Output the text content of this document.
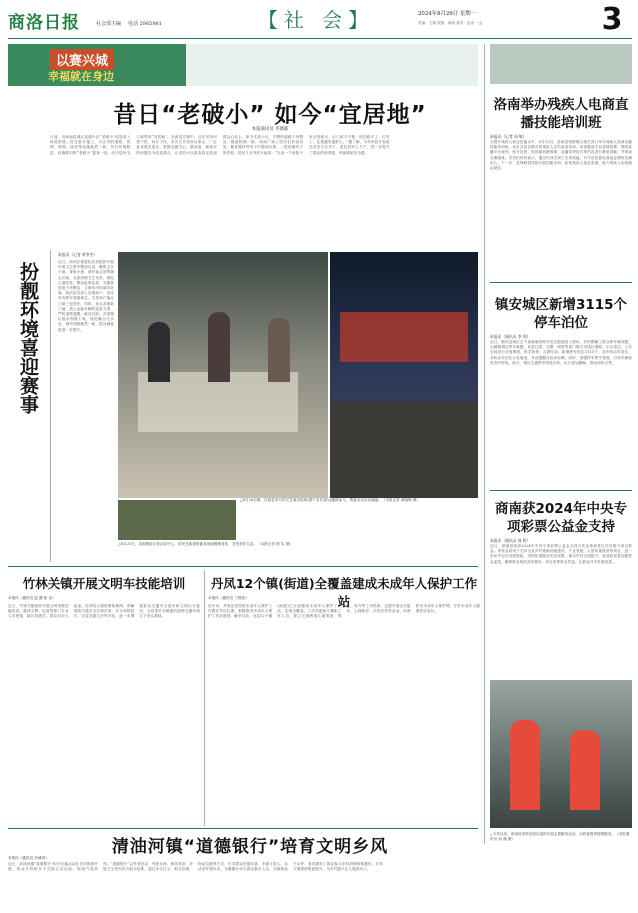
商洛日报	社会部主编 电话 2985981	【社 会】	2024年8月26日 星期一
责编：王薄 校版：韩晶 校对：赵来 一会	3
以赛兴城
幸福就在身边
昔日“老破小” 如今“宜居地”
本报通讯员 李薇郁
日前，市商南县城区蓝湖小区“老破小”改造进入收尾阶段。经过数月施工，小区内的道路、管网、照明、绿化等设施焕然一新，昔日环境脏乱、设施陈旧的“老破小”摇身一变，成为居民交口称赞的“宜居地”。在改造过程中，社区坚持问需于民、问计于民，多次召开居民议事会，广泛征求意见建议，把群众最关心、最直接、最现实的问题作为改造重点，让老旧小区改造真正改到群众心坎上。如今走进小区，平整的道路干净整洁，楼道粉刷一新，休闲广场上居民们有说有笑，健身器材旁孩子们嬉戏玩耍，一派和谐安宁的景象。居民王大爷高兴地说：“以前一下雨院子里全是积水，出门都不方便，现在路平了、灯亮了，住着越来越舒心。”据了解，今年该县计划改造老旧小区多个，惠及居民上千户，进一步提升了群众的获得感、幸福感和安全感。
扮靓环境喜迎赛事
本报讯（记者 黄李杰）
近日，商州区城管执法局组织开展环境卫生集中整治行动，聚焦主次干道、背街小巷、城乡接合部等重点区域，全面清理卫生死角，规范占道经营，整治乱堆乱放，为赛事营造干净整洁、文明有序的城市环境。执法队员深入沿街商户，宣传市容秩序管理规定，引导商户落实门前三包责任。同时，加大对建筑工地、渣土运输车辆的巡查力度，严防道路遗撒。截至目前，共清理垃圾杂物数十吨，规范摊点百余处，城市面貌焕然一新，群众满意度进一步提升。
△8月24日晚，在商县举行的文艺演出现场(摄于本月)群众踊跃参与，观看活动其乐融融。（本报记者 黄晓梅 摄）
△8月25日，清源街道文体活动中心，居民在新建的健身场地锻炼身体，享受美好生活。（本报记者 阿 实 摄）
洛南举办残疾人电商直播技能培训班
本报讯（记者 周 敏）
为提升残疾人职业技能水平，8月12日，洛南县残联联合相关部门举办残疾人电商直播技能培训班，来自全县各镇办的残疾人学员参加培训。培训邀请专业讲师授课，围绕直播平台规则、账号运营、短视频拍摄剪辑、直播带货技巧等内容进行系统讲解，并现场实操演练。学员们纷纷表示，通过培训学到了实用技能，对今后依靠电商创业增收充满信心。下一步，县残联将持续开展技能培训，拓宽残疾人就业渠道，助力残疾人实现稳定就业。
镇安城区新增3115个停车泊位
本报讯（通讯员 李 翔）
近日，镇安县城区主干道新施划停车泊位陆续投入使用，有效缓解了群众停车难问题。为破解城区停车难题，该县住建、交警、城管等部门联合对城区道路、小区周边、公共空间进行全面摸排，科学规划、合理布局，新增停车泊位3115个，其中机动车泊位、非机动车泊位分类施划，并设置醒目标识标牌。同时，加强停车秩序管理，引导车辆规范有序停放。如今，城区交通秩序明显好转，出行更加顺畅，群众纷纷点赞。
商南获2024年中央专项彩票公益金支持
本报讯（通讯员 周 辉）
近日，商南县获得2024年中央专项彩票公益金支持欠发达革命老区乡村振兴项目资金。该资金将用于支持全县乡村基础设施建设、产业发展、人居环境改善等项目，进一步补齐农村发展短板，巩固拓展脱贫攻坚成果，推动乡村全面振兴。县财政局将加强资金监管，确保资金规范高效使用，切实发挥资金效益，让群众共享发展成果。
△今年以来，洛南县高铁站周边组织开展志愿服务活动，为旅客提供便捷服务。（本报通讯员 何 满 摄）
竹林关镇开展文明车技能培训
本报讯（通讯员 赵 静 张 洁）
近日，竹林关镇组织开展文明驾驶技能培训，邀请交警、运管等部门专业人员授课，辖区驾驶员、群众百余人参加。培训结合典型事故案例，讲解道路交通安全法律法规、安全驾驶技巧、应急处置方法等内容，进一步增强群众交通安全意识和文明出行意识，为营造安全畅通的道路交通环境打下坚实基础。
丹凤12个镇(街道)全覆盖建成未成年人保护工作站
本报讯（通讯员 丁野浩）
近年来，丹凤县坚持把未成年人保护工作摆在突出位置，积极推进未成年人保护工作站建设。截至目前，全县12个镇(街道)已全部建成未成年人保护工作站，实现全覆盖。工作站配备专兼职工作人员，建立完善困境儿童排查、帮扶、转介等工作机制，定期开展走访慰问、心理疏导、法治宣传等活动，织密织牢未成年人保护网，守护未成年人健康快乐成长。
清油河镇“道德银行”培育文明乡风
本报讯（通讯员 代城珂）
近日，清油河镇“道德银行”积分兑换活动在各村相继开展，群众手持积分卡兑换生活用品，现场气氛热烈。“道德银行”以孝老爱亲、邻里互助、移风易俗、环境卫生等内容为积分标准，通过评议打分、积分存储、物品兑换等方式，引导群众崇德向善、争做文明人。自活动开展以来，全镇累计评议群众数百人次，兑换物品千余件，有效激发了群众参与乡村治理的积极性，乡风文明程度明显提升，为乡村振兴注入强劲动力。
